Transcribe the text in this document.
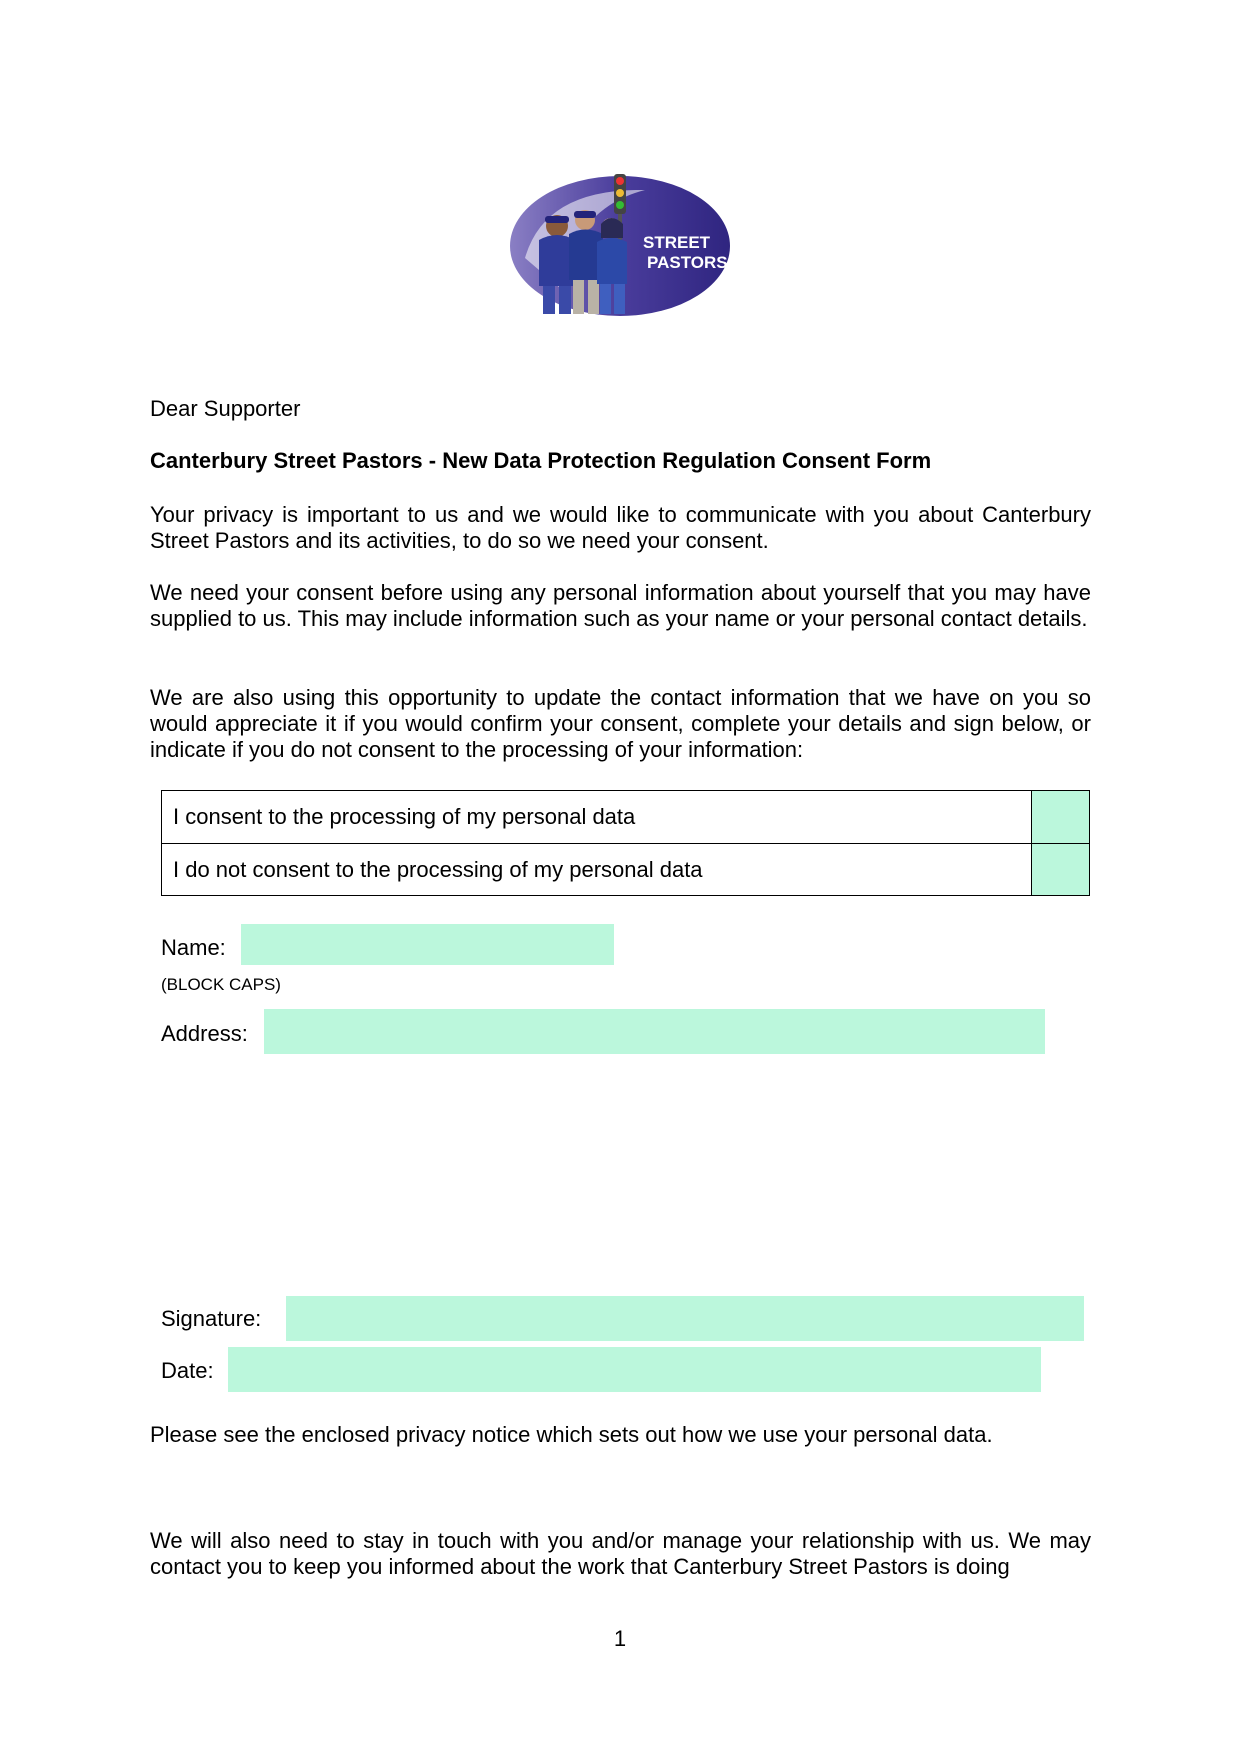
STREET
PASTORS
Dear Supporter
Canterbury Street Pastors - New Data Protection Regulation Consent Form
Your privacy is important to us and we would like to communicate with you about Canterbury Street Pastors and its activities, to do so we need your consent.
We need your consent before using any personal information about yourself that you may have supplied to us. This may include information such as your name or your personal contact details.
We are also using this opportunity to update the contact information that we have on you so would appreciate it if you would confirm your consent, complete your details and sign below, or indicate if you do not consent to the processing of your information:
I consent to the processing of my personal data
I do not consent to the processing of my personal data
Name:
(BLOCK CAPS)
Address:
Signature:
Date:
Please see the enclosed privacy notice which sets out how we use your personal data.
We will also need to stay in touch with you and/or manage your relationship with us. We may contact you to keep you informed about the work that Canterbury Street Pastors is doing
1
